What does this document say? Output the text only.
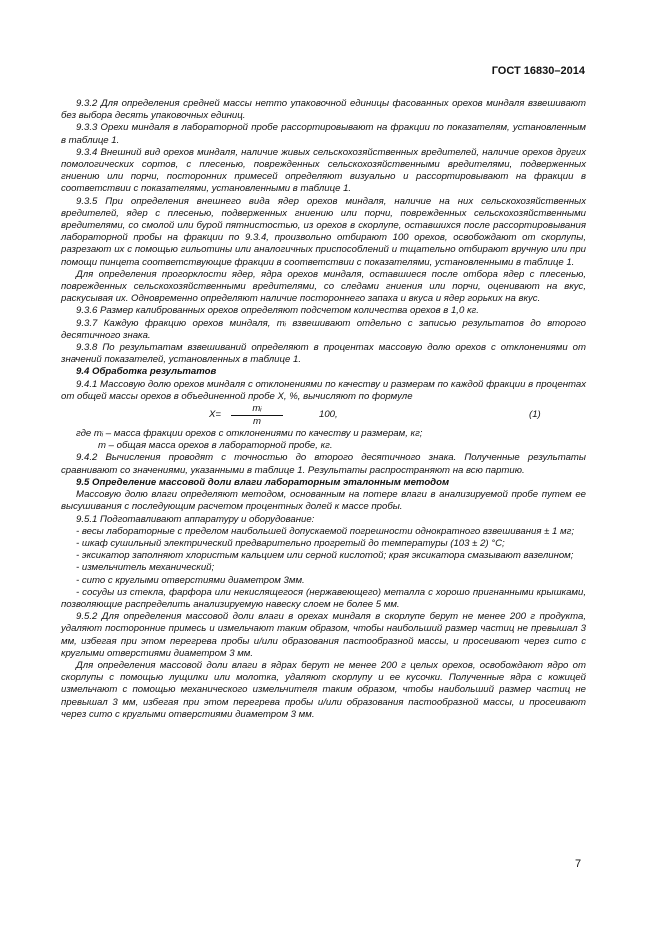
ГОСТ 16830–2014

9.3.2 Для определения средней массы нетто упаковочной единицы фасованных орехов миндаля взвешивают без выбора десять упаковочных единиц.

9.3.3 Орехи миндаля в лабораторной пробе рассортировывают на фракции по показателям, установленным в таблице 1.

9.3.4 Внешний вид орехов миндаля, наличие живых сельскохозяйственных вредителей, наличие орехов других помологических сортов, с плесенью, поврежденных сельскохозяйственными вредителями, подверженных гниению или порчи, посторонних примесей определяют визуально и рассортировывают на фракции в соответствии с показателями, установленными в таблице 1.

9.3.5 При определения внешнего вида ядер орехов миндаля, наличие на них сельскохозяйственных вредителей, ядер с плесенью, подверженных гниению или порчи, поврежденных сельскохозяйственными вредителями, со смолой или бурой пятнистостью, из орехов в скорлупе, оставшихся после рассортировывания лабораторной пробы на фракции по 9.3.4, произвольно отбирают 100 орехов, освобождают от скорлупы, разрезают их с помощью гильотины или аналогичных приспособлений и тщательно отбирают вручную или при помощи пинцета соответствующие фракции в соответствии с показателями, установленными в таблице 1.

Для определения прогорклости ядер, ядра орехов миндаля, оставшиеся после отбора ядер с плесенью, поврежденных сельскохозяйственными вредителями, со следами гниения или порчи, оценивают на вкус, раскусывая их. Одновременно определяют наличие постороннего запаха и вкуса и ядер горьких на вкус.

9.3.6 Размер калиброванных орехов определяют подсчетом количества орехов в 1,0 кг.

9.3.7 Каждую фракцию орехов миндаля, mᵢ взвешивают отдельно с записью результатов до второго десятичного знака.

9.3.8 По результатам взвешиваний определяют в процентах массовую долю орехов с отклонениями от значений показателей, установленных в таблице 1.

9.4 Обработка результатов

9.4.1 Массовую долю орехов миндаля с отклонениями по качеству и размерам по каждой фракции в процентах от общей массы орехов в объединенной пробе X, %, вычисляют по формуле

$X= \frac{\text{mᵢ}}{m}$	100,	(1)

где mᵢ – масса фракции орехов с отклонениями по качеству и размерам, кг;

m – общая масса орехов в лабораторной пробе, кг.

9.4.2 Вычисления проводят с точностью до второго десятичного знака. Полученные результаты сравнивают со значениями, указанными в таблице 1. Результаты распространяют на всю партию.

9.5 Определение массовой доли влаги лабораторным эталонным методом

Массовую долю влаги определяют методом, основанным на потере влаги в анализируемой пробе путем ее высушивания с последующим расчетом процентных долей к массе пробы.

9.5.1 Подготавливают аппаратуру и оборудование:

- весы лабораторные с пределом наибольшей допускаемой погрешности однократного взвешивания ± 1 мг;

- шкаф сушильный электрический предварительно прогретый до температуры (103 ± 2) °С;

- эксикатор заполняют хлористым кальцием или серной кислотой; края эксикатора смазывают вазелином;

- измельчитель механический;

- сито с круглыми отверстиями диаметром 3мм.

- сосуды из стекла, фарфора или некислящегося (нержавеющего) металла с хорошо пригнанными крышками, позволяющие распределить анализируемую навеску слоем не более 5 мм.

9.5.2 Для определения массовой доли влаги в орехах миндаля в скорлупе берут не менее 200 г продукта, удаляют посторонние примесь и измельчают таким образом, чтобы наибольший размер частиц не превышал 3 мм, избегая при этом перегрева пробы и/или образования пастообразной массы, и просеивают через сито с круглыми отверстиями диаметром 3 мм.

Для определения массовой доли влаги в ядрах берут не менее 200 г целых орехов, освобождают ядро от скорлупы с помощью лущилки или молотка, удаляют скорлупу и ее кусочки. Полученные ядра с кожицей измельчают с помощью механического измельчителя таким образом, чтобы наибольший размер частиц не превышал 3 мм, избегая при этом перегрева пробы и/или образования пастообразной массы, и просеивают через сито с круглыми отверстиями диаметром 3 мм.

7
